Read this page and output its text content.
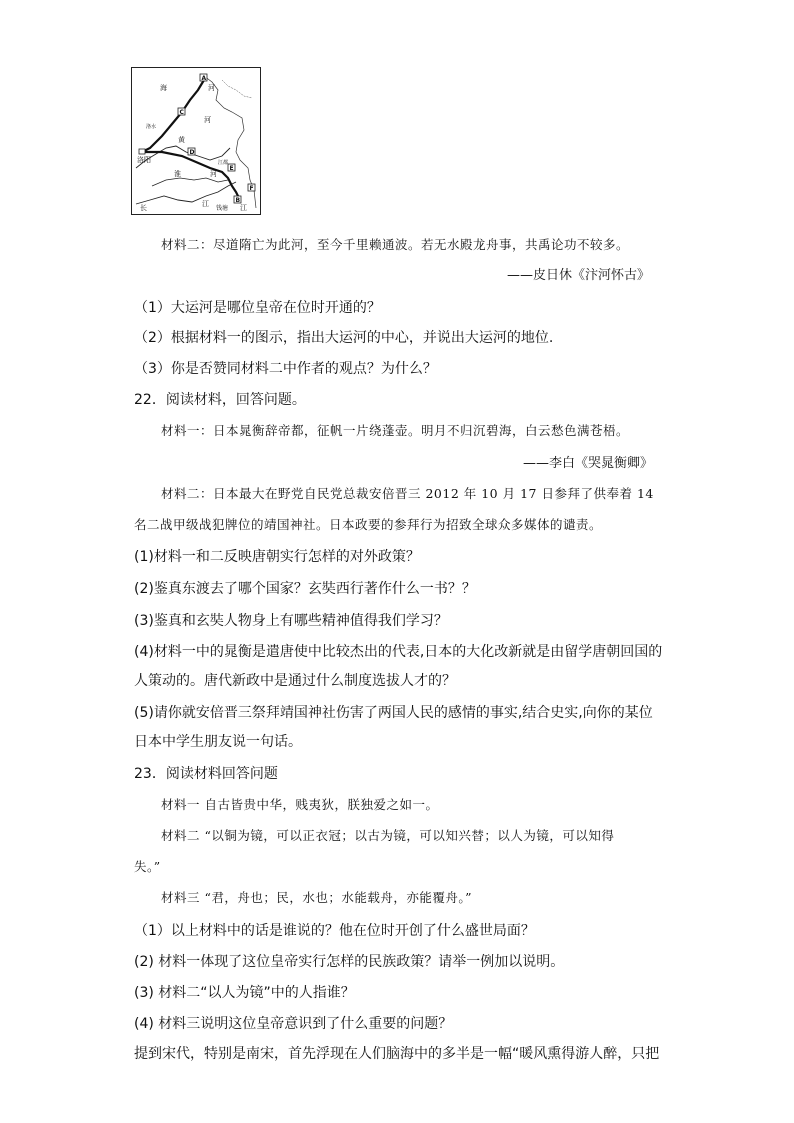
A
C
D
E
F
B
海	河
河
黄
洛水
洛阳
淮	河
江都
长	江
钱塘 江
材料二：尽道隋亡为此河，至今千里赖通波。若无水殿龙舟事，共禹论功不较多。
——皮日休《汴河怀古》
（1）大运河是哪位皇帝在位时开通的？
（2）根据材料一的图示，指出大运河的中心，并说出大运河的地位.
（3）你是否赞同材料二中作者的观点？为什么？
22．阅读材料，回答问题。
材料一：日本晁衡辞帝都，征帆一片绕蓬壶。明月不归沉碧海，白云愁色满苍梧。
——李白《哭晁衡卿》
材料二：日本最大在野党自民党总裁安倍晋三 2012 年 10 月 17 日参拜了供奉着 14
名二战甲级战犯牌位的靖国神社。日本政要的参拜行为招致全球众多媒体的谴责。
(1)材料一和二反映唐朝实行怎样的对外政策？
(2)鉴真东渡去了哪个国家？玄奘西行著作什么一书？？
(3)鉴真和玄奘人物身上有哪些精神值得我们学习？
(4)材料一中的晁衡是遣唐使中比较杰出的代表,日本的大化改新就是由留学唐朝回国的
人策动的。唐代新政中是通过什么制度选拔人才的？
(5)请你就安倍晋三祭拜靖国神社伤害了两国人民的感情的事实,结合史实,向你的某位
日本中学生朋友说一句话。
23．阅读材料回答问题
材料一 自古皆贵中华，贱夷狄，朕独爱之如一。
材料二 “以铜为镜，可以正衣冠；以古为镜，可以知兴替；以人为镜，可以知得
失。”
材料三 “君，舟也；民，水也；水能载舟，亦能覆舟。”
（1）以上材料中的话是谁说的？他在位时开创了什么盛世局面？
(2) 材料一体现了这位皇帝实行怎样的民族政策？请举一例加以说明。
(3) 材料二“以人为镜”中的人指谁？
(4) 材料三说明这位皇帝意识到了什么重要的问题？
提到宋代，特别是南宋，首先浮现在人们脑海中的多半是一幅“暖风熏得游人醉，只把
